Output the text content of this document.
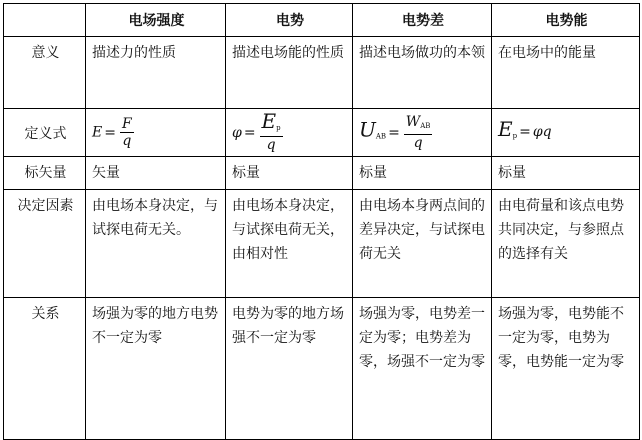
	电场强度	电势	电势差	电势能
意义	描述力的性质	描述电场能的性质	描述电场做功的本领	在电场中的能量
定义式	$E = \frac{F}{q}$	$\varphi = \frac{E_p}{q}$	$U_{AB} = \frac{W_{AB}}{q}$	$E_p = \varphi q$
标矢量	矢量	标量	标量	标量
决定因素	由电场本身决定，与试探电荷无关。	由电场本身决定，与试探电荷无关，由相对性	由电场本身两点间的差异决定，与试探电荷无关	由电荷量和该点电势共同决定，与参照点的选择有关
关系	场强为零的地方电势不一定为零	电势为零的地方场强不一定为零	场强为零，电势差一定为零；电势差为零，场强不一定为零	场强为零，电势能不一定为零，电势为零，电势能一定为零
